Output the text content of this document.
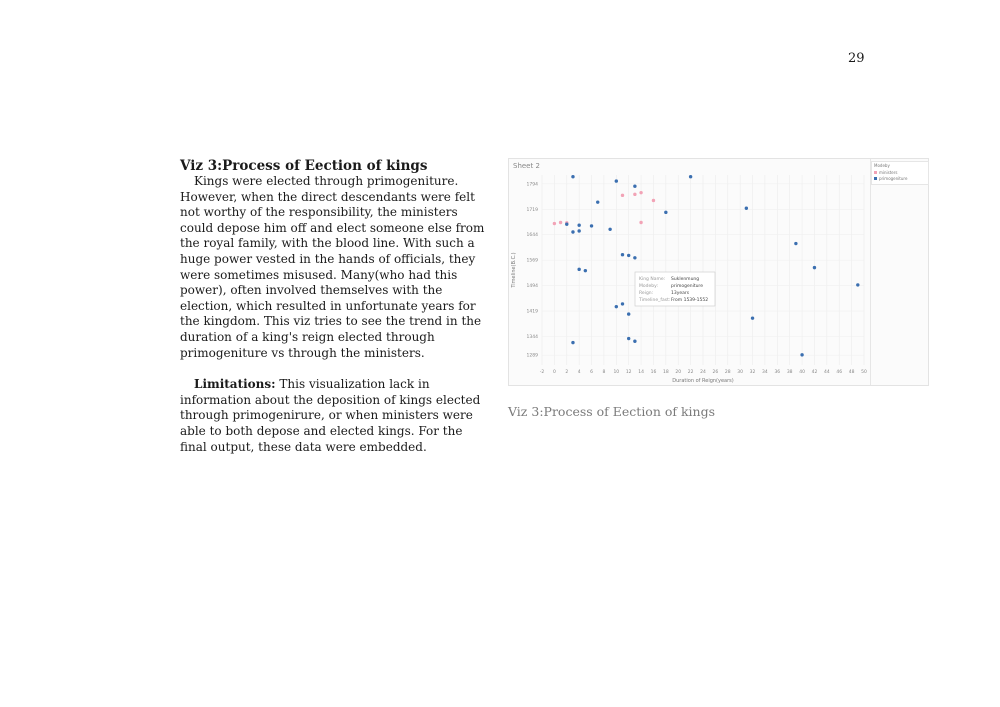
29

Viz 3:Process of Eection of kings

Kings were elected through primogeniture. However, when the direct descendants were felt not worthy of the responsibility, the ministers could depose him off and elect someone else from the royal family, with the blood line. With such a huge power vested in the hands of officials, they were sometimes misused. Many(who had this power), often involved themselves with the election, which resulted in unfortunate years for the kingdom. This viz tries to see the trend in the duration of a king's reign elected through primogeniture vs through the ministers.

Limitations: This visualization lack in information about the deposition of kings elected through primogenirure, or when ministers were able to both depose and elected kings. For the final output, these data were embedded.

Sheet 2	Modeby
ministers
primogeniture
-2 0 2 4 6 8 10 12 14 16 18 20 22 24 26 28 30 32 34 36 38 40 42 44 46 48 50
1289
1344
1419
1494
1569
1644
1719
1794
Duration of Reign(years)
Timeline(B.C.)	King Name: Suklenmung
Modeby:	primogeniture
Reign:	13years
Timeline_fast: From 1539-1552
Viz 3:Process of Eection of kings
